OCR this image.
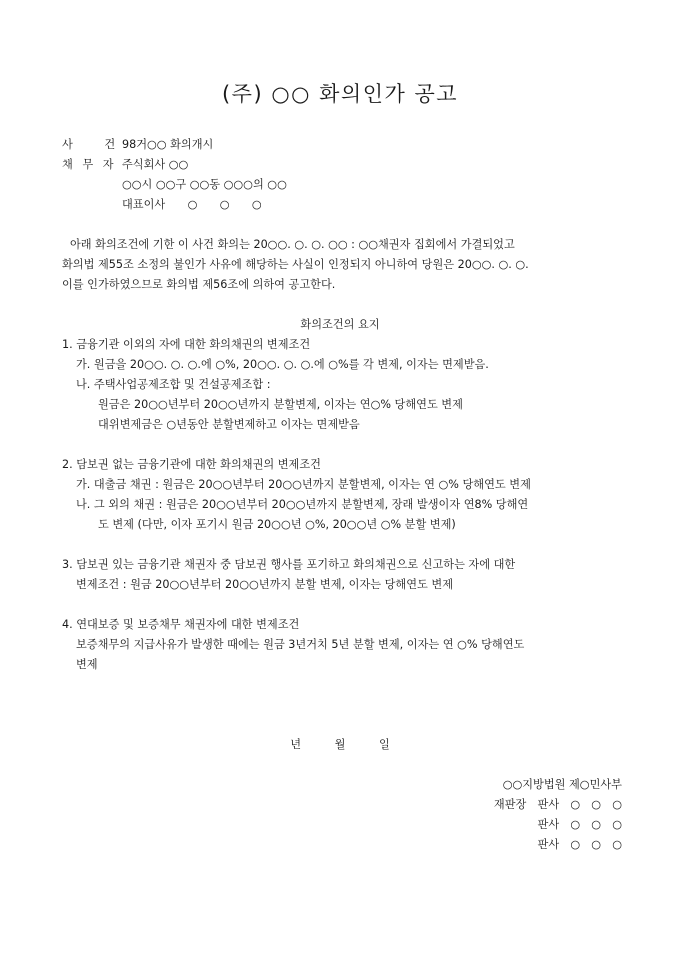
(주) ○○ 화의인가 공고
사 건
98거○○ 화의개시
채 무 자 주식회사 ○○
○○시 ○○구 ○○동 ○○○의 ○○
대표이사　　○　　○　　○
아래 화의조건에 기한 이 사건 화의는 20○○. ○. ○. ○○ : ○○채권자 집회에서 가결되었고
화의법 제55조 소정의 불인가 사유에 해당하는 사실이 인정되지 아니하여 당원은 20○○. ○. ○.
이를 인가하였으므로 화의법 제56조에 의하여 공고한다.
화의조건의 요지
1. 금융기관 이외의 자에 대한 화의채권의 변제조건
가. 원금을 20○○. ○. ○.에 ○%, 20○○. ○. ○.에 ○%를 각 변제, 이자는 면제받음.
나. 주택사업공제조합 및 건설공제조합 :
원금은 20○○년부터 20○○년까지 분할변제, 이자는 연○% 당해연도 변제
대위변제금은 ○년동안 분할변제하고 이자는 면제받음
2. 담보권 없는 금융기관에 대한 화의채권의 변제조건
가. 대출금 채권 : 원금은 20○○년부터 20○○년까지 분할변제, 이자는 연 ○% 당해연도 변제
나. 그 외의 채권 : 원금은 20○○년부터 20○○년까지 분할변제, 장래 발생이자 연8% 당해연
도 변제 (다만, 이자 포기시 원금 20○○년 ○%, 20○○년 ○% 분할 변제)
3. 담보권 있는 금융기관 채권자 중 담보권 행사를 포기하고 화의채권으로 신고하는 자에 대한
변제조건 : 원금 20○○년부터 20○○년까지 분할 변제, 이자는 당해연도 변제
4. 연대보증 및 보증채무 채권자에 대한 변제조건
보증채무의 지급사유가 발생한 때에는 원금 3년거치 5년 분할 변제, 이자는 연 ○% 당해연도
변제
년　　　월　　　일
○○지방법원 제○민사부
재판장　판사　○　○　○
판사　○　○　○
판사　○　○　○
